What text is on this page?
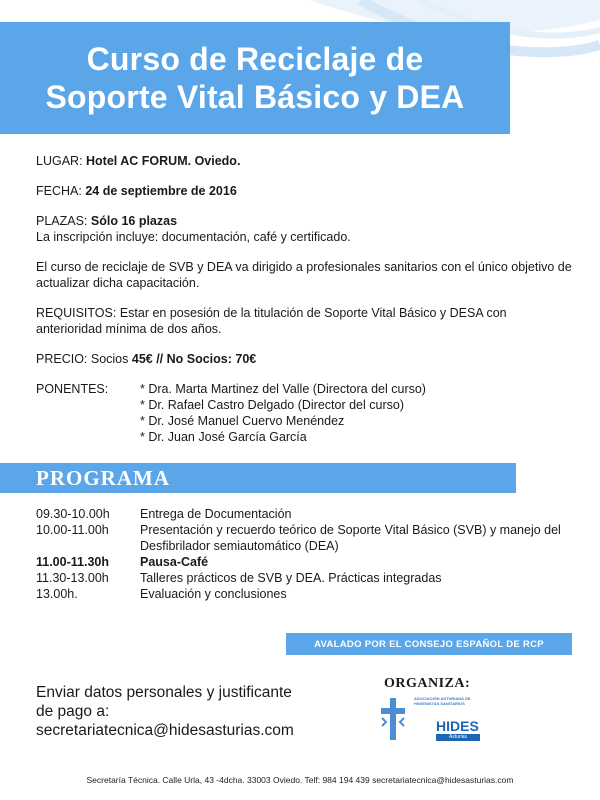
Curso de Reciclaje de
Soporte Vital Básico y DEA

LUGAR: Hotel AC FORUM. Oviedo.

FECHA: 24 de septiembre de 2016

PLAZAS: Sólo 16 plazas

La inscripción incluye: documentación, café y certificado.

El curso de reciclaje de SVB y DEA va dirigido a profesionales sanitarios con el único objetivo de actualizar dicha capacitación.

REQUISITOS: Estar en posesión de la titulación de Soporte Vital Básico y DESA con anterioridad mínima de dos años.

PRECIO: Socios 45€ // No Socios: 70€

PONENTES:	* Dra. Marta Martinez del Valle (Directora del curso)
* Dr. Rafael Castro Delgado (Director del curso)
* Dr. José Manuel Cuervo Menéndez
* Dr. Juan José García García
PROGRAMA
09.30-10.00h	Entrega de Documentación
10.00-11.00h	Presentación y recuerdo teórico de Soporte Vital Básico (SVB) y manejo del Desfibrilador semiautomático (DEA)
11.00-11.30h	Pausa-Café
11.30-13.00h	Talleres prácticos de SVB y DEA. Prácticas integradas
13.00h.	Evaluación y conclusiones
AVALADO POR EL CONSEJO ESPAÑOL DE RCP

Enviar datos personales y justificante

de pago a:

secretariatecnica@hidesasturias.com

ORGANIZA:
ASOCIACIÓN ASTURIANA DE HIGIENISTAS SANITARIOS
HIDES
Asturias
Secretaría Técnica. Calle Urla, 43 -4dcha. 33003 Oviedo. Telf: 984 194 439 secretariatecnica@hidesasturias.com
